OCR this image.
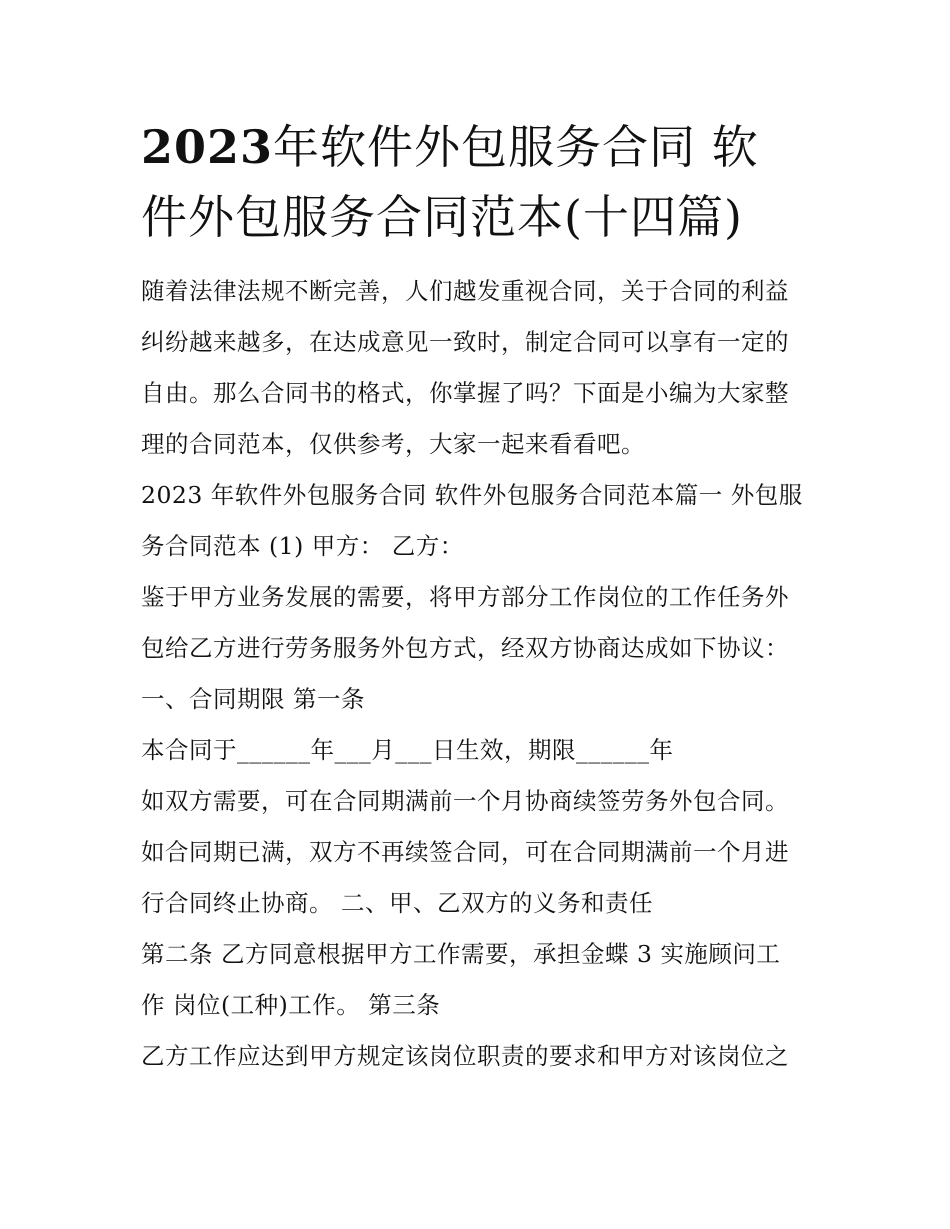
2023年软件外包服务合同 软
件外包服务合同范本(十四篇)
随着法律法规不断完善，人们越发重视合同，关于合同的利益
纠纷越来越多，在达成意见一致时，制定合同可以享有一定的
自由。那么合同书的格式，你掌握了吗？下面是小编为大家整
理的合同范本，仅供参考，大家一起来看看吧。
2023 年软件外包服务合同 软件外包服务合同范本篇一 外包服
务合同范本 (1) 甲方： 乙方：
鉴于甲方业务发展的需要，将甲方部分工作岗位的工作任务外
包给乙方进行劳务服务外包方式，经双方协商达成如下协议：
一、合同期限 第一条
本合同于______年___月___日生效，期限______年
如双方需要，可在合同期满前一个月协商续签劳务外包合同。
如合同期已满，双方不再续签合同，可在合同期满前一个月进
行合同终止协商。 二、甲、乙双方的义务和责任
第二条 乙方同意根据甲方工作需要，承担金蝶 3 实施顾问工
作 岗位(工种)工作。 第三条
乙方工作应达到甲方规定该岗位职责的要求和甲方对该岗位之
